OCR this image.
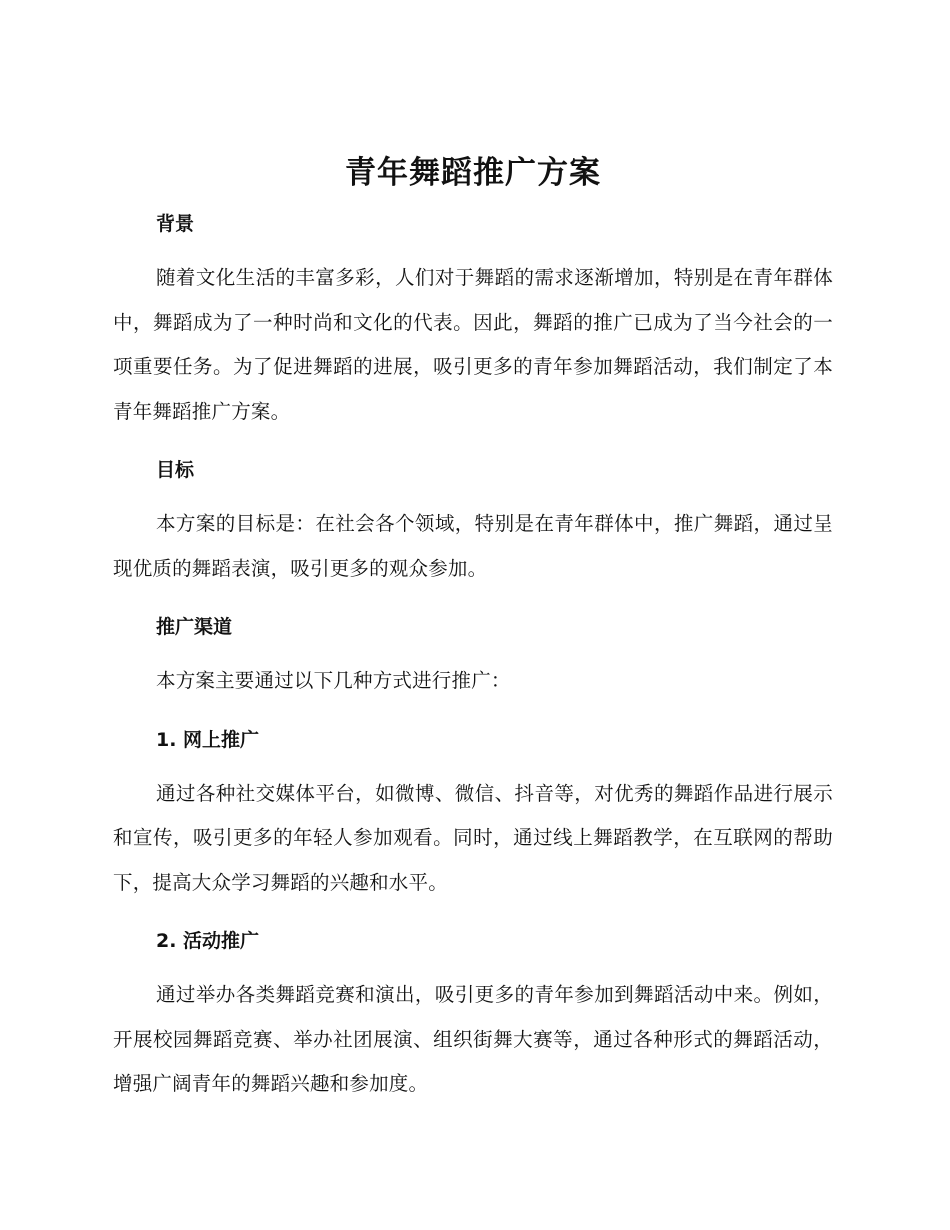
青年舞蹈推广方案
背景

随着文化生活的丰富多彩，人们对于舞蹈的需求逐渐增加，特别是在青年群体中，舞蹈成为了一种时尚和文化的代表。因此，舞蹈的推广已成为了当今社会的一项重要任务。为了促进舞蹈的进展，吸引更多的青年参加舞蹈活动，我们制定了本青年舞蹈推广方案。

目标

本方案的目标是：在社会各个领域，特别是在青年群体中，推广舞蹈，通过呈现优质的舞蹈表演，吸引更多的观众参加。

推广渠道

本方案主要通过以下几种方式进行推广：

1. 网上推广

通过各种社交媒体平台，如微博、微信、抖音等，对优秀的舞蹈作品进行展示和宣传，吸引更多的年轻人参加观看。同时，通过线上舞蹈教学，在互联网的帮助下，提高大众学习舞蹈的兴趣和水平。

2. 活动推广

通过举办各类舞蹈竞赛和演出，吸引更多的青年参加到舞蹈活动中来。例如，开展校园舞蹈竞赛、举办社团展演、组织街舞大赛等，通过各种形式的舞蹈活动，增强广阔青年的舞蹈兴趣和参加度。
